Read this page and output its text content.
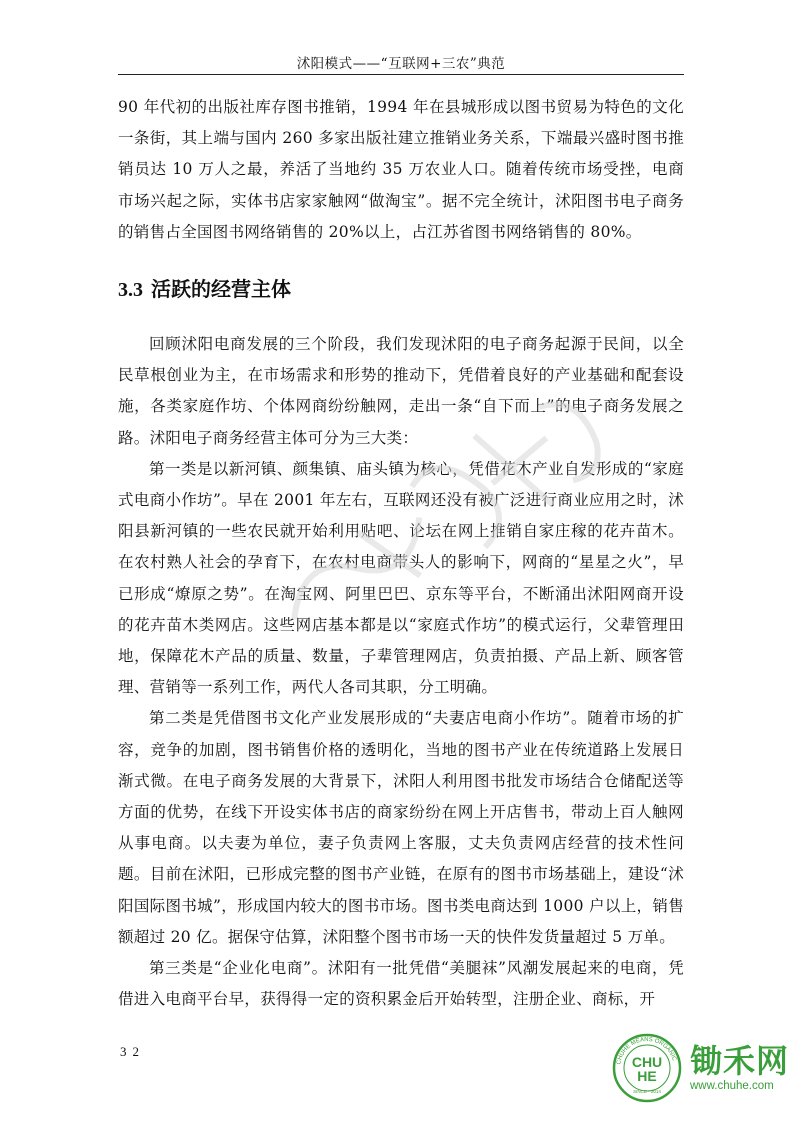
沭阳模式——“互联网+三农”典范

90 年代初的出版社库存图书推销，1994 年在县城形成以图书贸易为特色的文化一条街，其上端与国内 260 多家出版社建立推销业务关系，下端最兴盛时图书推销员达 10 万人之最，养活了当地约 35 万农业人口。随着传统市场受挫，电商市场兴起之际，实体书店家家触网“做淘宝”。据不完全统计，沭阳图书电子商务的销售占全国图书网络销售的 20%以上，占江苏省图书网络销售的 80%。

3.3 活跃的经营主体

回顾沭阳电商发展的三个阶段，我们发现沭阳的电子商务起源于民间，以全民草根创业为主，在市场需求和形势的推动下，凭借着良好的产业基础和配套设施，各类家庭作坊、个体网商纷纷触网，走出一条“自下而上”的电子商务发展之路。沭阳电子商务经营主体可分为三大类：

第一类是以新河镇、颜集镇、庙头镇为核心，凭借花木产业自发形成的“家庭式电商小作坊”。早在 2001 年左右，互联网还没有被广泛进行商业应用之时，沭阳县新河镇的一些农民就开始利用贴吧、论坛在网上推销自家庄稼的花卉苗木。在农村熟人社会的孕育下，在农村电商带头人的影响下，网商的“星星之火”，早已形成“燎原之势”。在淘宝网、阿里巴巴、京东等平台，不断涌出沭阳网商开设的花卉苗木类网店。这些网店基本都是以“家庭式作坊”的模式运行，父辈管理田地，保障花木产品的质量、数量，子辈管理网店，负责拍摄、产品上新、顾客管理、营销等一系列工作，两代人各司其职，分工明确。

第二类是凭借图书文化产业发展形成的“夫妻店电商小作坊”。随着市场的扩容，竞争的加剧，图书销售价格的透明化，当地的图书产业在传统道路上发展日渐式微。在电子商务发展的大背景下，沭阳人利用图书批发市场结合仓储配送等方面的优势，在线下开设实体书店的商家纷纷在网上开店售书，带动上百人触网从事电商。以夫妻为单位，妻子负责网上客服，丈夫负责网店经营的技术性问题。目前在沭阳，已形成完整的图书产业链，在原有的图书市场基础上，建设“沭阳国际图书城”，形成国内较大的图书市场。图书类电商达到 1000 户以上，销售额超过 20 亿。据保守估算，沭阳整个图书市场一天的快件发货量超过 5 万单。

第三类是“企业化电商”。沭阳有一批凭借“美腿袜”风潮发展起来的电商，凭借进入电商平台早，获得得一定的资积累金后开始转型，注册企业、商标，开

32
CHUHE MEANS ORGANIC
CHU
HE
SINCE · 2014
锄禾网
www.chuhe.com
